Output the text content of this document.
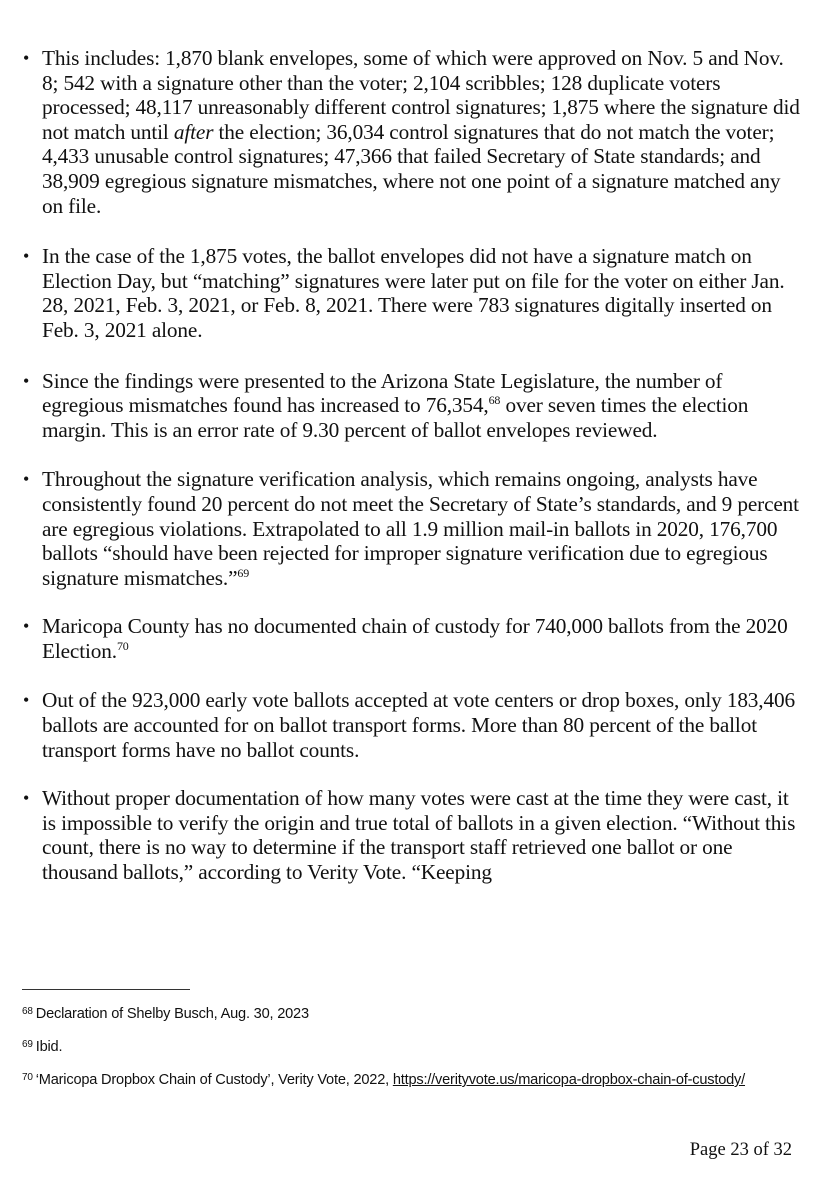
• This includes: 1,870 blank envelopes, some of which were approved on Nov. 5 and Nov. 8; 542 with a signature other than the voter; 2,104 scribbles; 128 duplicate voters processed; 48,117 unreasonably different control signatures; 1,875 where the signature did not match until after the election; 36,034 control signatures that do not match the voter; 4,433 unusable control signatures; 47,366 that failed Secretary of State standards; and 38,909 egregious signature mismatches, where not one point of a signature matched any on file.
• In the case of the 1,875 votes, the ballot envelopes did not have a signature match on Election Day, but “matching” signatures were later put on file for the voter on either Jan. 28, 2021, Feb. 3, 2021, or Feb. 8, 2021. There were 783 signatures digitally inserted on Feb. 3, 2021 alone.
• Since the findings were presented to the Arizona State Legislature, the number of egregious mismatches found has increased to 76,354,68 over seven times the election margin. This is an error rate of 9.30 percent of ballot envelopes reviewed.
• Throughout the signature verification analysis, which remains ongoing, analysts have consistently found 20 percent do not meet the Secretary of State’s standards, and 9 percent are egregious violations. Extrapolated to all 1.9 million mail-in ballots in 2020, 176,700 ballots “should have been rejected for improper signature verification due to egregious signature mismatches.”$^{69}$
• Maricopa County has no documented chain of custody for 740,000 ballots from the 2020 Election.$^{70}$
• Out of the 923,000 early vote ballots accepted at vote centers or drop boxes, only 183,406 ballots are accounted for on ballot transport forms. More than 80 percent of the ballot transport forms have no ballot counts.
• Without proper documentation of how many votes were cast at the time they were cast, it is impossible to verify the origin and true total of ballots in a given election. “Without this count, there is no way to determine if the transport staff retrieved one ballot or one thousand ballots,” according to Verity Vote. “Keeping

$^{68}$ Declaration of Shelby Busch, Aug. 30, 2023

$^{69}$ Ibid.

$^{70}$ ‘Maricopa Dropbox Chain of Custody’, Verity Vote, 2022, https://verityvote.us/maricopa-dropbox-chain-of-custody/

Page 23 of 32
